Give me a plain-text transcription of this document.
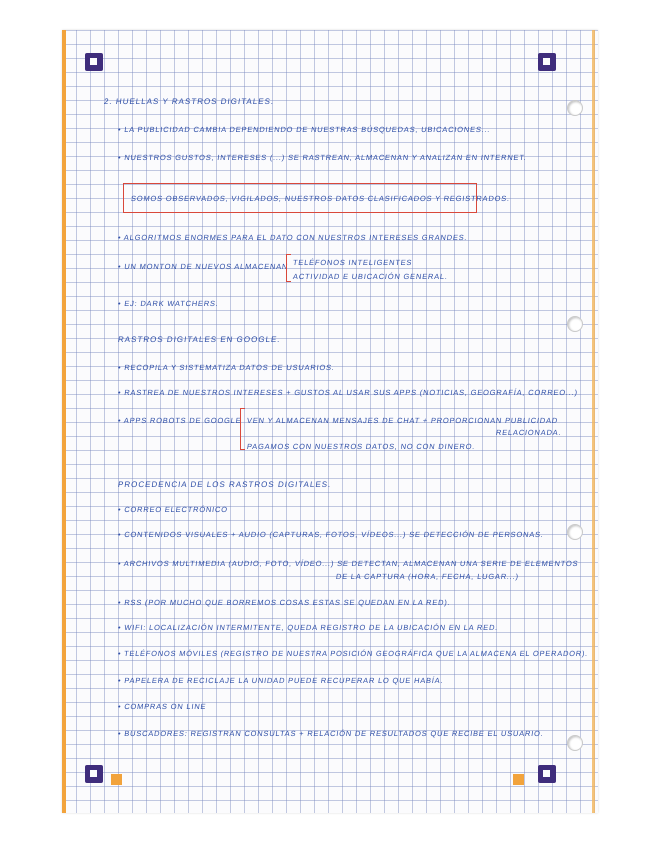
2. HUELLAS Y RASTROS DIGITALES.
• LA PUBLICIDAD CAMBIA DEPENDIENDO DE NUESTRAS BÚSQUEDAS, UBICACIONES...
• NUESTROS GUSTOS, INTERESES (...) SE RASTREAN, ALMACENAN Y ANALIZAN EN INTERNET.
SOMOS OBSERVADOS, VIGILADOS, NUESTROS DATOS CLASIFICADOS Y REGISTRADOS.
• ALGORITMOS ENORMES PARA EL DATO CON NUESTROS INTERESES GRANDES.
• UN MONTON DE NUEVOS ALMACENAN TELÉFONOS INTELIGENTES
ACTIVIDAD E UBICACIÓN GENERAL.
• EJ: DARK WATCHERS.
RASTROS DIGITALES EN GOOGLE.
• RECOPILA Y SISTEMATIZA DATOS DE USUARIOS.
• RASTREA DE NUESTROS INTERESES + GUSTOS AL USAR SUS APPS (NOTICIAS, GEOGRAFÍA, CORREO...)
• APPS ROBOTS DE GOOGLE VEN Y ALMACENAN MENSAJES DE CHAT + PROPORCIONAN PUBLICIDAD
RELACIONADA.
PAGAMOS CON NUESTROS DATOS, NO CON DINERO.
PROCEDENCIA DE LOS RASTROS DIGITALES.
• CORREO ELECTRÓNICO
• CONTENIDOS VISUALES + AUDIO (CAPTURAS, FOTOS, VÍDEOS...) SE DETECCIÓN DE PERSONAS.
• ARCHIVOS MULTIMEDIA (AUDIO, FOTO, VÍDEO...) SE DETECTAN, ALMACENAN UNA SERIE DE ELEMENTOS
DE LA CAPTURA (HORA, FECHA, LUGAR...)
• RSS (POR MUCHO QUE BORREMOS COSAS ESTAS SE QUEDAN EN LA RED).
• WIFI: LOCALIZACIÓN INTERMITENTE, QUEDA REGISTRO DE LA UBICACIÓN EN LA RED.
• TELÉFONOS MÓVILES (REGISTRO DE NUESTRA POSICIÓN GEOGRÁFICA QUE LA ALMACENA EL OPERADOR).
• PAPELERA DE RECICLAJE LA UNIDAD PUEDE RECUPERAR LO QUE HABÍA.
• COMPRAS ON LINE
• BUSCADORES: REGISTRAN CONSULTAS + RELACIÓN DE RESULTADOS QUE RECIBE EL USUARIO.
